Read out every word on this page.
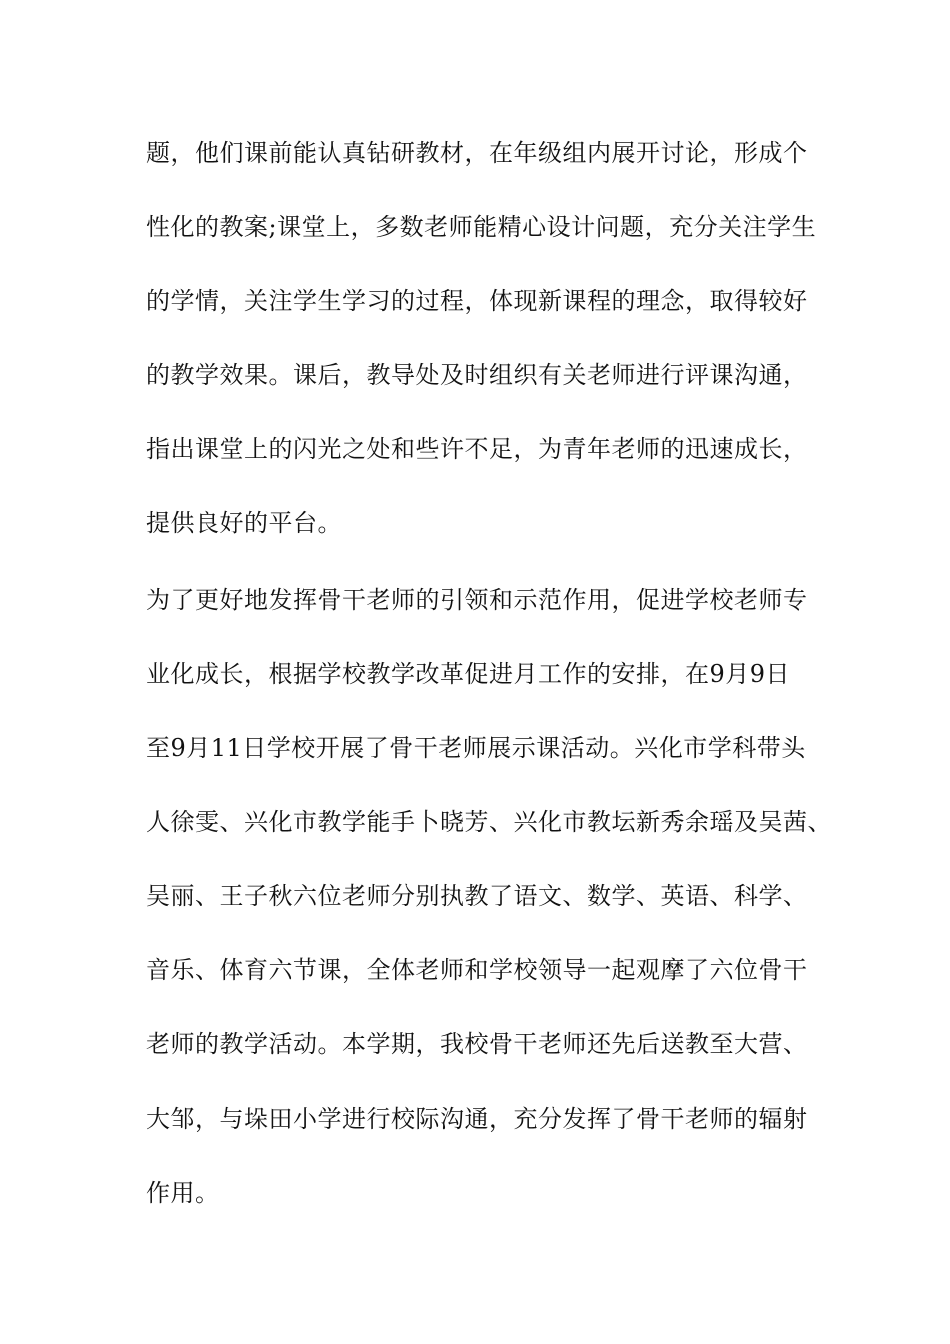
题，他们课前能认真钻研教材，在年级组内展开讨论，形成个
性化的教案;课堂上，多数老师能精心设计问题，充分关注学生
的学情，关注学生学习的过程，体现新课程的理念，取得较好
的教学效果。课后，教导处及时组织有关老师进行评课沟通，
指出课堂上的闪光之处和些许不足，为青年老师的迅速成长，
提供良好的平台。
为了更好地发挥骨干老师的引领和示范作用，促进学校老师专
业化成长，根据学校教学改革促进月工作的安排，在9月9日
至9月11日学校开展了骨干老师展示课活动。兴化市学科带头
人徐雯、兴化市教学能手卜晓芳、兴化市教坛新秀余瑶及吴茜、
吴丽、王子秋六位老师分别执教了语文、数学、英语、科学、
音乐、体育六节课，全体老师和学校领导一起观摩了六位骨干
老师的教学活动。本学期，我校骨干老师还先后送教至大营、
大邹，与垛田小学进行校际沟通，充分发挥了骨干老师的辐射
作用。
